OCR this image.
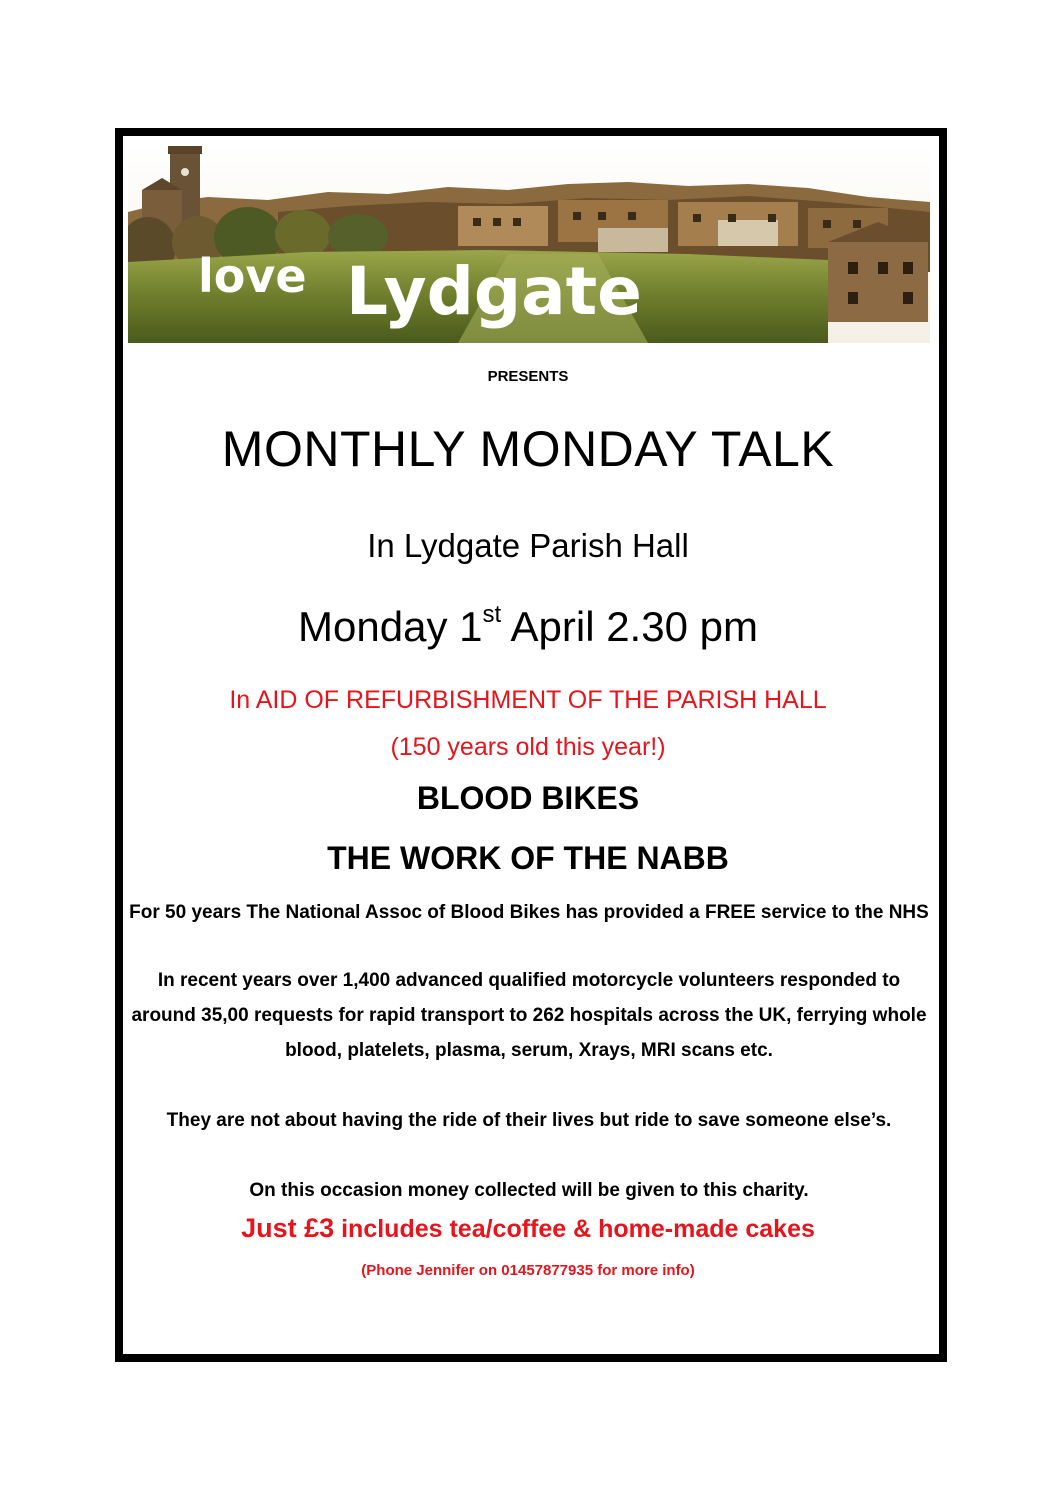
love Lydgate
PRESENTS
MONTHLY MONDAY TALK
In Lydgate Parish Hall
Monday 1st April 2.30 pm
In AID OF REFURBISHMENT OF THE PARISH HALL
(150 years old this year!)
BLOOD BIKES
THE WORK OF THE NABB
For 50 years The National Assoc of Blood Bikes has provided a FREE service to the NHS
In recent years over 1,400 advanced qualified motorcycle volunteers responded to around 35,00 requests for rapid transport to 262 hospitals across the UK, ferrying whole blood, platelets, plasma, serum, Xrays, MRI scans etc.
They are not about having the ride of their lives but ride to save someone else’s.
On this occasion money collected will be given to this charity.
Just £3 includes tea/coffee & home-made cakes
(Phone Jennifer on 01457877935 for more info)
